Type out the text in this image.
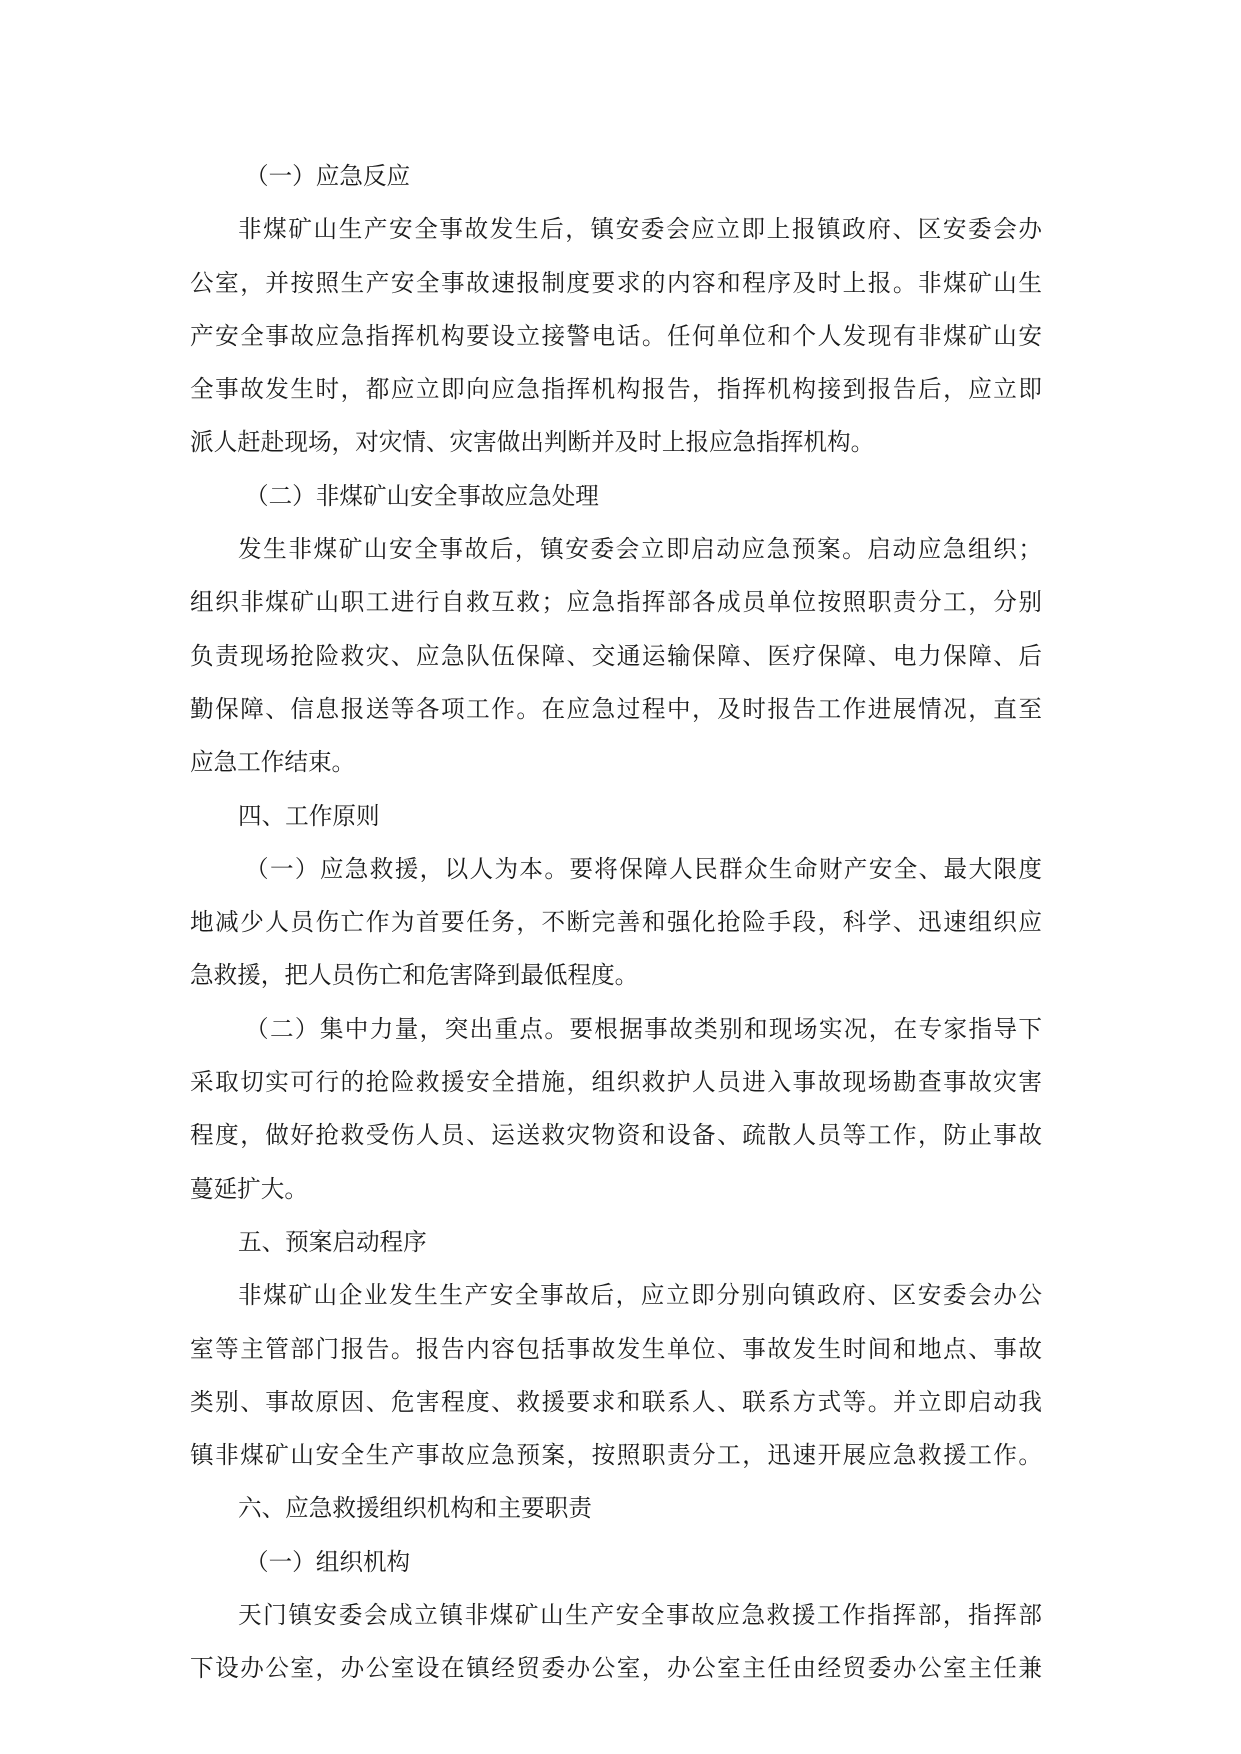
（一）应急反应
非煤矿山生产安全事故发生后，镇安委会应立即上报镇政府、区安委会办
公室，并按照生产安全事故速报制度要求的内容和程序及时上报。非煤矿山生
产安全事故应急指挥机构要设立接警电话。任何单位和个人发现有非煤矿山安
全事故发生时，都应立即向应急指挥机构报告，指挥机构接到报告后，应立即
派人赶赴现场，对灾情、灾害做出判断并及时上报应急指挥机构。
（二）非煤矿山安全事故应急处理
发生非煤矿山安全事故后，镇安委会立即启动应急预案。启动应急组织；
组织非煤矿山职工进行自救互救；应急指挥部各成员单位按照职责分工，分别
负责现场抢险救灾、应急队伍保障、交通运输保障、医疗保障、电力保障、后
勤保障、信息报送等各项工作。在应急过程中，及时报告工作进展情况，直至
应急工作结束。
四、工作原则
（一）应急救援，以人为本。要将保障人民群众生命财产安全、最大限度
地减少人员伤亡作为首要任务，不断完善和强化抢险手段，科学、迅速组织应
急救援，把人员伤亡和危害降到最低程度。
（二）集中力量，突出重点。要根据事故类别和现场实况，在专家指导下
采取切实可行的抢险救援安全措施，组织救护人员进入事故现场勘查事故灾害
程度，做好抢救受伤人员、运送救灾物资和设备、疏散人员等工作，防止事故
蔓延扩大。
五、预案启动程序
非煤矿山企业发生生产安全事故后，应立即分别向镇政府、区安委会办公
室等主管部门报告。报告内容包括事故发生单位、事故发生时间和地点、事故
类别、事故原因、危害程度、救援要求和联系人、联系方式等。并立即启动我
镇非煤矿山安全生产事故应急预案，按照职责分工，迅速开展应急救援工作。
六、应急救援组织机构和主要职责
（一）组织机构
天门镇安委会成立镇非煤矿山生产安全事故应急救援工作指挥部，指挥部
下设办公室，办公室设在镇经贸委办公室，办公室主任由经贸委办公室主任兼
